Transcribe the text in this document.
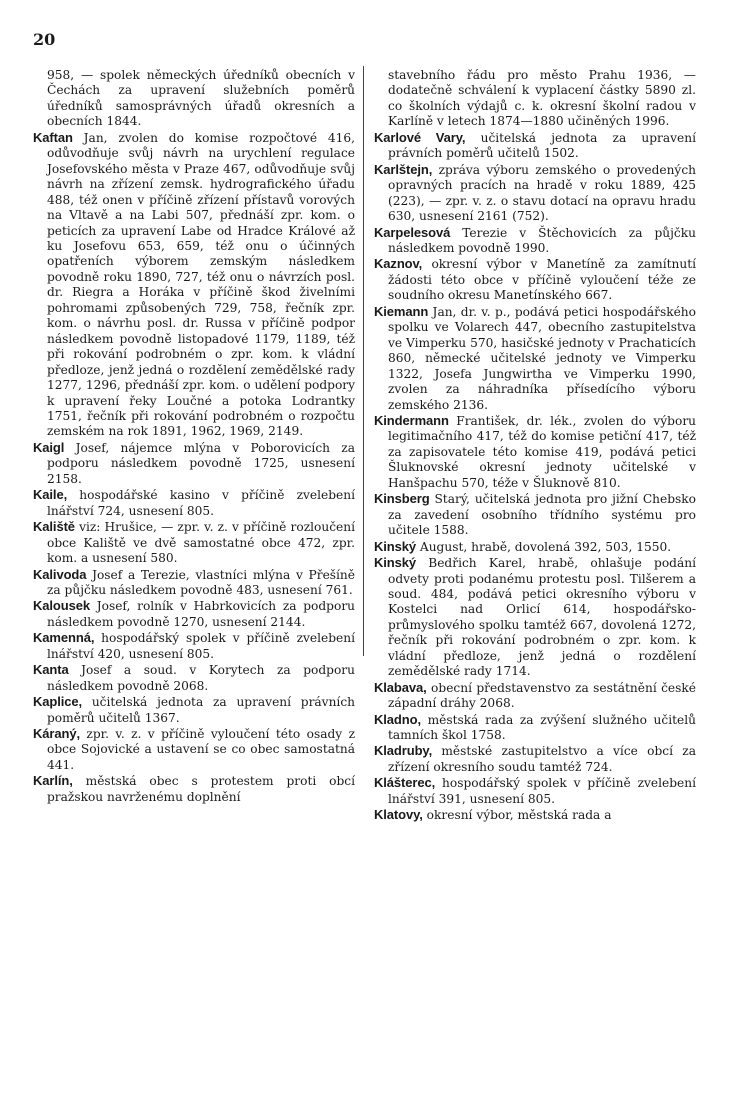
20

958, — spolek německých úředníků obecních v Čechách za upravení služebních poměrů úředníků samosprávných úřadů okresních a obecních 1844.

Kaftan Jan, zvolen do komise rozpočtové 416, odůvodňuje svůj návrh na urychlení regulace Josefovského města v Praze 467, odůvodňuje svůj návrh na zřízení zemsk. hydrografického úřadu 488, též onen v příčině zřízení přístavů vorových na Vltavě a na Labi 507, přednáší zpr. kom. o peticích za upravení Labe od Hradce Králové až ku Josefovu 653, 659, též onu o účinných opatřeních výborem zemským následkem povodně roku 1890, 727, též onu o návrzích posl. dr. Riegra a Horáka v příčině škod živelními pohromami způsobených 729, 758, řečník zpr. kom. o návrhu posl. dr. Russa v příčině podpor následkem povodně listopadové 1179, 1189, též při rokování podrobném o zpr. kom. k vládní předloze, jenž jedná o rozdělení zemědělské rady 1277, 1296, přednáší zpr. kom. o udělení podpory k upravení řeky Loučné a potoka Lodrantky 1751, řečník při rokování podrobném o rozpočtu zemském na rok 1891, 1962, 1969, 2149.

Kaigl Josef, nájemce mlýna v Poborovicích za podporu následkem povodně 1725, usnesení 2158.

Kaile, hospodářské kasino v příčině zvelebení lnářství 724, usnesení 805.

Kaliště viz: Hrušice, — zpr. v. z. v příčině rozloučení obce Kaliště ve dvě samostatné obce 472, zpr. kom. a usnesení 580.

Kalivoda Josef a Terezie, vlastníci mlýna v Přešíně za půjčku následkem povodně 483, usnesení 761.

Kalousek Josef, rolník v Habrkovicích za podporu následkem povodně 1270, usnesení 2144.

Kamenná, hospodářský spolek v příčině zvelebení lnářství 420, usnesení 805.

Kanta Josef a soud. v Korytech za podporu následkem povodně 2068.

Kaplice, učitelská jednota za upravení právních poměrů učitelů 1367.

Káraný, zpr. v. z. v příčině vyloučení této osady z obce Sojovické a ustavení se co obec samostatná 441.

Karlín, městská obec s protestem proti obcí pražskou navrženému doplnění

stavebního řádu pro město Prahu 1936, — dodatečně schválení k vyplacení částky 5890 zl. co školních výdajů c. k. okresní školní radou v Karlíně v letech 1874—1880 učiněných 1996.

Karlové Vary, učitelská jednota za upravení právních poměrů učitelů 1502.

Karlštejn, zpráva výboru zemského o provedených opravných pracích na hradě v roku 1889, 425 (223), — zpr. v. z. o stavu dotací na opravu hradu 630, usnesení 2161 (752).

Karpelesová Terezie v Štěchovicích za půjčku následkem povodně 1990.

Kaznov, okresní výbor v Manetíně za zamítnutí žádosti této obce v příčině vyloučení téže ze soudního okresu Manetínského 667.

Kiemann Jan, dr. v. p., podává petici hospodářského spolku ve Volarech 447, obecního zastupitelstva ve Vimperku 570, hasičské jednoty v Prachaticích 860, německé učitelské jednoty ve Vimperku 1322, Josefa Jungwirtha ve Vimperku 1990, zvolen za náhradníka přísedícího výboru zemského 2136.

Kindermann František, dr. lék., zvolen do výboru legitimačního 417, též do komise petiční 417, též za zapisovatele této komise 419, podává petici Šluknovské okresní jednoty učitelské v Hanšpachu 570, téže v Šluknově 810.

Kinsberg Starý, učitelská jednota pro jižní Chebsko za zavedení osobního třídního systému pro učitele 1588.

Kinský August, hrabě, dovolená 392, 503, 1550.

Kinský Bedřich Karel, hrabě, ohlašuje podání odvety proti podanému protestu posl. Tilšerem a soud. 484, podává petici okresního výboru v Kostelci nad Orlicí 614, hospodářsko-průmyslového spolku tamtéž 667, dovolená 1272, řečník při rokování podrobném o zpr. kom. k vládní předloze, jenž jedná o rozdělení zemědělské rady 1714.

Klabava, obecní představenstvo za sestátnění české západní dráhy 2068.

Kladno, městská rada za zvýšení služného učitelů tamních škol 1758.

Kladruby, městské zastupitelstvo a více obcí za zřízení okresního soudu tamtéž 724.

Klášterec, hospodářský spolek v příčině zvelebení lnářství 391, usnesení 805.

Klatovy, okresní výbor, městská rada a
